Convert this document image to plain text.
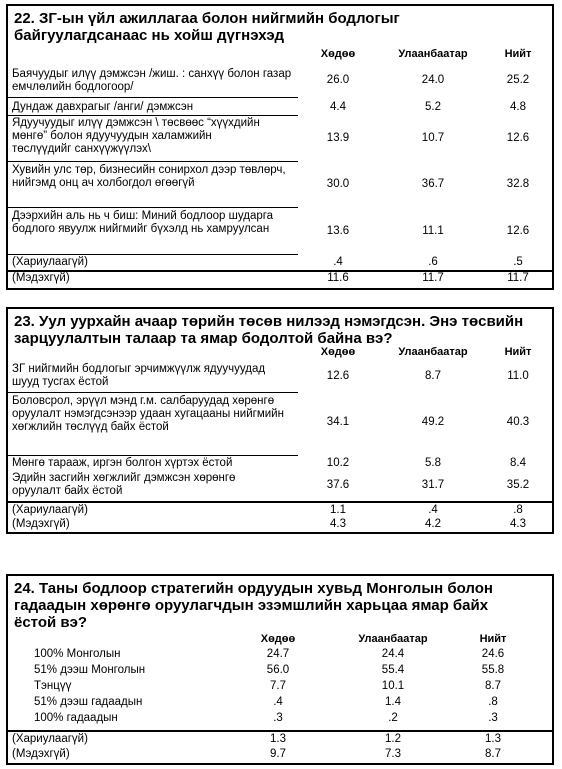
22. ЗГ-ын үйл ажиллагаа болон нийгмийн бодлогыг байгуулагдсанаас нь хойш дүгнэхэд
Хөдөө	Улаанбаатар	Нийт
Баячуудыг илүү дэмжсэн /жиш. : санхүү болон газар емчлөлийн бодлогоор/
26.0	24.0	25.2
Дундаж давхрагыг /анги/ дэмжсэн	4.4	5.2	4.8
Ядуучуудыг илүү дэмжсэн \ төсвөөс “хүүхдийн мөнгө” болон ядуучуудын халамжийн төслүүдийг санхүүжүүлэх\
13.9	10.7	12.6
Хувийн улс төр, бизнесийн сонирхол дээр төвлөрч, нийгэмд онц ач холбогдол өгөөгүй	30.0	36.7	32.8
Дээрхийн аль нь ч биш: Миний бодлоор шударга бодлого явуулж нийгмийг бүхэлд нь хамруулсан	13.6	11.1	12.6
(Хариулаагүй)	.4	.6	.5
(Мэдэхгүй)	11.6	11.7	11.7
23. Уул уурхайн ачаар төрийн төсөв нилээд нэмэгдсэн. Энэ төсвийн зарцуулалтын талаар та ямар бодолтой байна вэ?
Хөдөө	Улаанбаатар	Нийт
ЗГ нийгмийн бодлогыг эрчимжүүлж ядуучуудад шууд тусгах ёстой	12.6	8.7	11.0
Боловсрол, эрүүл мэнд г.м. салбаруудад хөрөнгө оруулалт нэмэгдсэнээр удаан хугацааны нийгмийн хөгжлийн төслүүд байх ёстой	34.1	49.2	40.3
Мөнгө тарааж, иргэн болгон хүртэх ёстой	10.2	5.8	8.4
Эдийн засгийн хөгжлийг дэмжсэн хөрөнгө оруулалт байх ёстой	37.6	31.7	35.2
(Хариулаагүй)	1.1	.4	.8
(Мэдэхгүй)	4.3	4.2	4.3
24. Таны бодлоор стратегийн ордуудын хувьд Монголын болон гадаадын хөрөнгө оруулагчдын эзэмшлийн харьцаа ямар байх ёстой вэ?
Хөдөө	Улаанбаатар	Нийт
100% Монголын	24.7	24.4	24.6
51% дээш Монголын	56.0	55.4	55.8
Тэнцүү	7.7	10.1	8.7
51% дээш гадаадын	.4	1.4	.8
100% гадаадын	.3	.2	.3
(Хариулаагүй)	1.3	1.2	1.3
(Мэдэхгүй)	9.7	7.3	8.7
